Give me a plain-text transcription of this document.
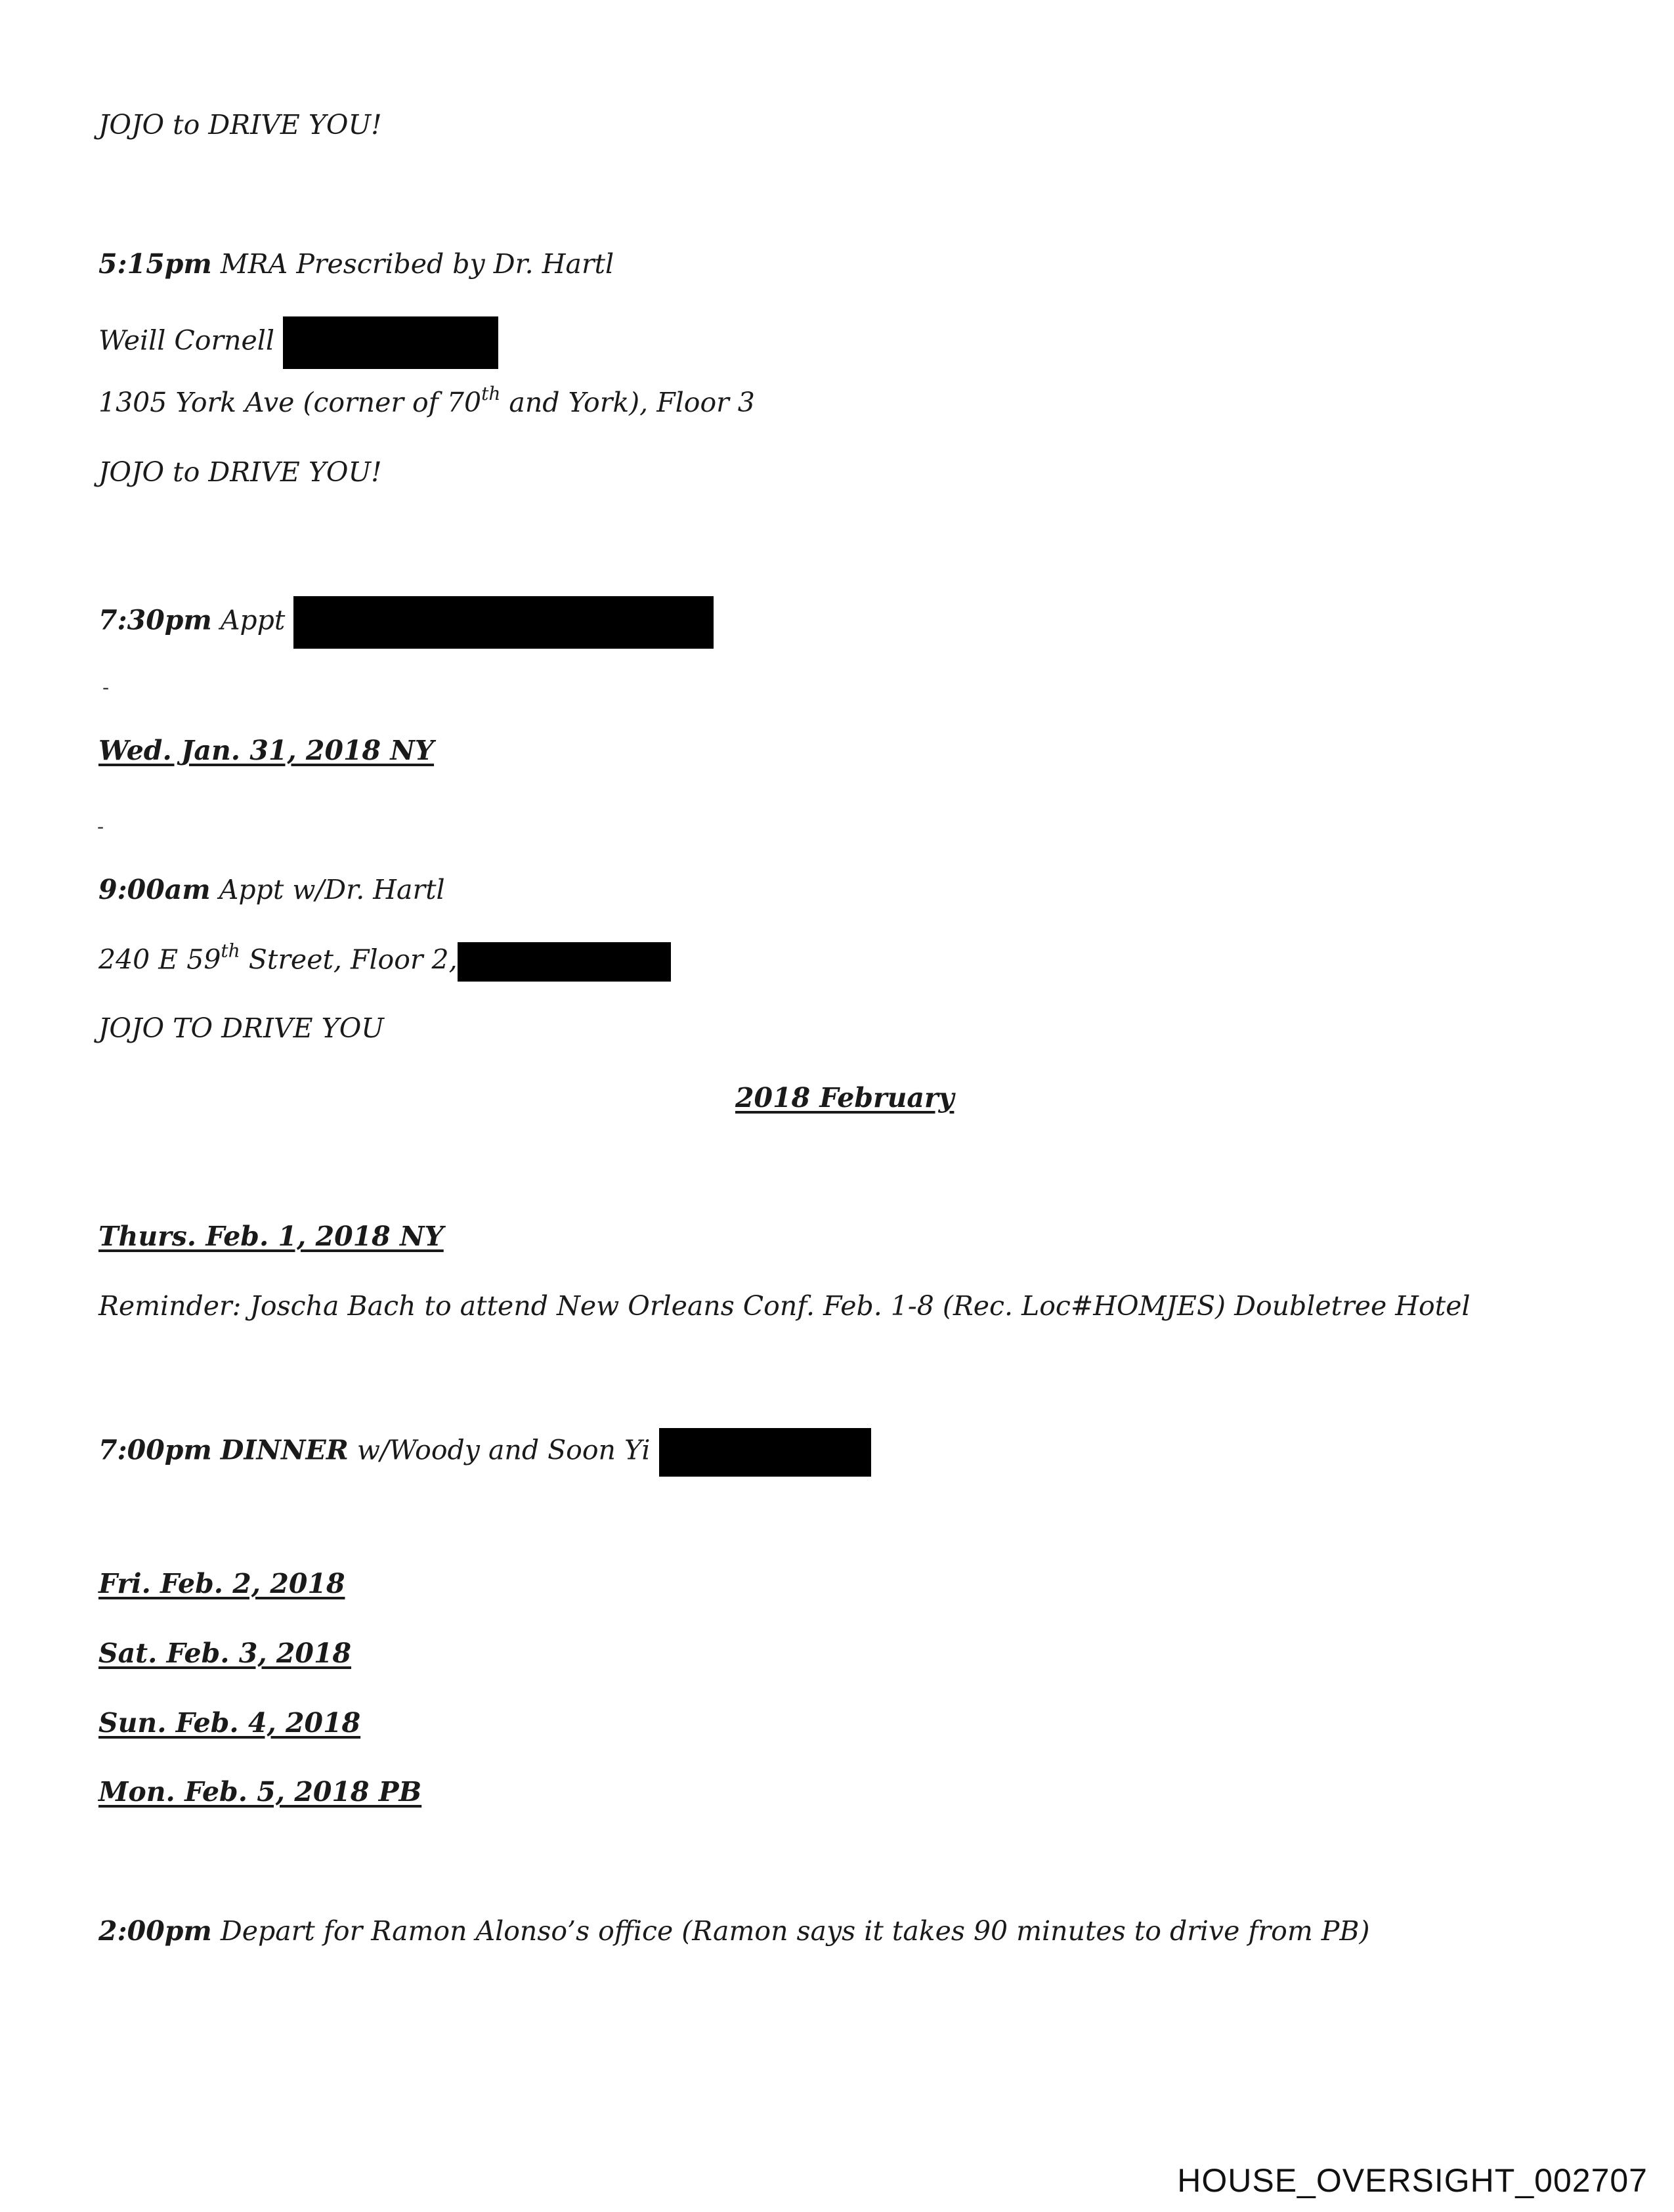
JOJO to DRIVE YOU!
5:15pm MRA Prescribed by Dr. Hartl
Weill Cornell
1305 York Ave (corner of 70th and York), Floor 3
JOJO to DRIVE YOU!
7:30pm Appt
-
Wed. Jan. 31, 2018 NY
-
9:00am Appt w/Dr. Hartl
240 E 59th Street, Floor 2,
JOJO TO DRIVE YOU
2018 February
Thurs. Feb. 1, 2018 NY
Reminder: Joscha Bach to attend New Orleans Conf. Feb. 1-8 (Rec. Loc#HOMJES) Doubletree Hotel
7:00pm DINNER w/Woody and Soon Yi
Fri. Feb. 2, 2018
Sat. Feb. 3, 2018
Sun. Feb. 4, 2018
Mon. Feb. 5, 2018 PB
2:00pm Depart for Ramon Alonso’s office (Ramon says it takes 90 minutes to drive from PB)
HOUSE_OVERSIGHT_002707
